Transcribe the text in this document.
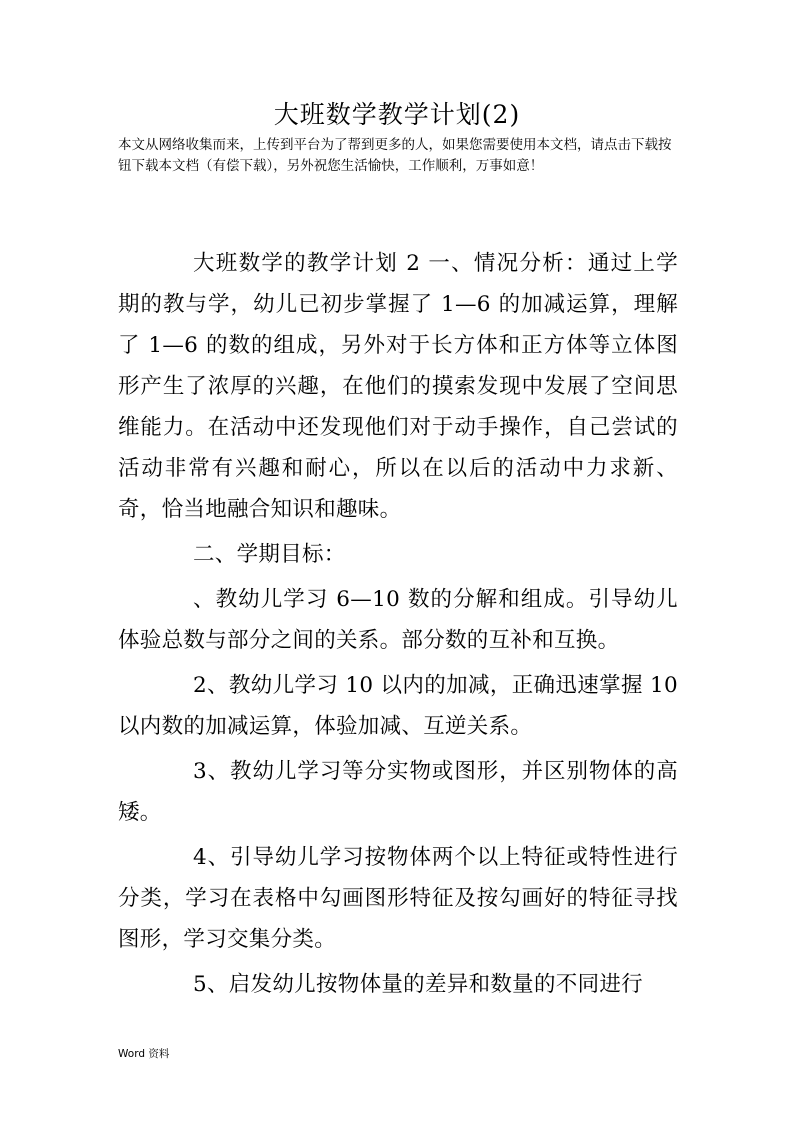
大班数学教学计划(2)

本文从网络收集而来，上传到平台为了帮到更多的人，如果您需要使用本文档，请点击下载按钮下载本文档（有偿下载），另外祝您生活愉快，工作顺利，万事如意！

大班数学的教学计划 2 一、情况分析：通过上学期的教与学，幼儿已初步掌握了 1—6 的加减运算，理解了 1—6 的数的组成，另外对于长方体和正方体等立体图形产生了浓厚的兴趣，在他们的摸索发现中发展了空间思维能力。在活动中还发现他们对于动手操作，自己尝试的活动非常有兴趣和耐心，所以在以后的活动中力求新、奇，恰当地融合知识和趣味。

二、学期目标：

、教幼儿学习 6—10 数的分解和组成。引导幼儿体验总数与部分之间的关系。部分数的互补和互换。

2、教幼儿学习 10 以内的加减，正确迅速掌握 10 以内数的加减运算，体验加减、互逆关系。

3、教幼儿学习等分实物或图形，并区别物体的高矮。

4、引导幼儿学习按物体两个以上特征或特性进行分类，学习在表格中勾画图形特征及按勾画好的特征寻找图形，学习交集分类。

5、启发幼儿按物体量的差异和数量的不同进行

Word 资料
